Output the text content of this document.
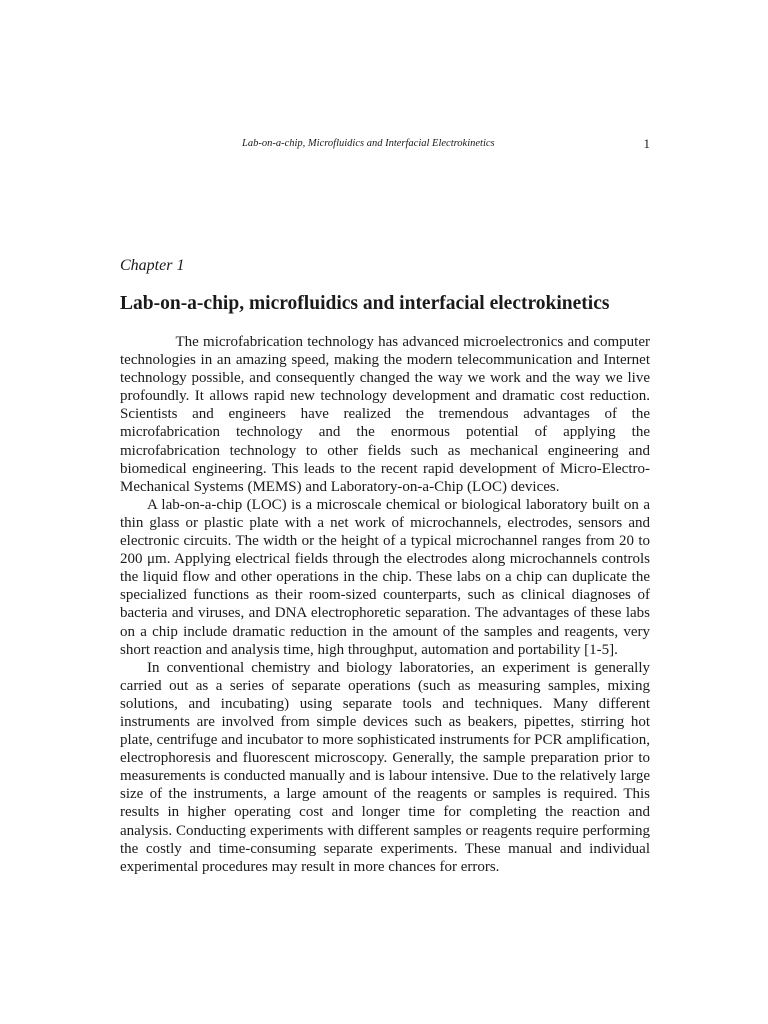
Lab-on-a-chip, Microfluidics and Interfacial Electrokinetics	1
Chapter 1
Lab-on-a-chip, microfluidics and interfacial electrokinetics

The microfabrication technology has advanced microelectronics and computer technologies in an amazing speed, making the modern telecommunication and Internet technology possible, and consequently changed the way we work and the way we live profoundly. It allows rapid new technology development and dramatic cost reduction. Scientists and engineers have realized the tremendous advantages of the microfabrication technology and the enormous potential of applying the microfabrication technology to other fields such as mechanical engineering and biomedical engineering. This leads to the recent rapid development of Micro-Electro-Mechanical Systems (MEMS) and Laboratory-on-a-Chip (LOC) devices.

A lab-on-a-chip (LOC) is a microscale chemical or biological laboratory built on a thin glass or plastic plate with a net work of microchannels, electrodes, sensors and electronic circuits. The width or the height of a typical microchannel ranges from 20 to 200 μm. Applying electrical fields through the electrodes along microchannels controls the liquid flow and other operations in the chip. These labs on a chip can duplicate the specialized functions as their room-sized counterparts, such as clinical diagnoses of bacteria and viruses, and DNA electrophoretic separation. The advantages of these labs on a chip include dramatic reduction in the amount of the samples and reagents, very short reaction and analysis time, high throughput, automation and portability [1-5].

In conventional chemistry and biology laboratories, an experiment is generally carried out as a series of separate operations (such as measuring samples, mixing solutions, and incubating) using separate tools and techniques. Many different instruments are involved from simple devices such as beakers, pipettes, stirring hot plate, centrifuge and incubator to more sophisticated instruments for PCR amplification, electrophoresis and fluorescent microscopy. Generally, the sample preparation prior to measurements is conducted manually and is labour intensive. Due to the relatively large size of the instruments, a large amount of the reagents or samples is required. This results in higher operating cost and longer time for completing the reaction and analysis. Conducting experiments with different samples or reagents require performing the costly and time-consuming separate experiments. These manual and individual experimental procedures may result in more chances for errors.
